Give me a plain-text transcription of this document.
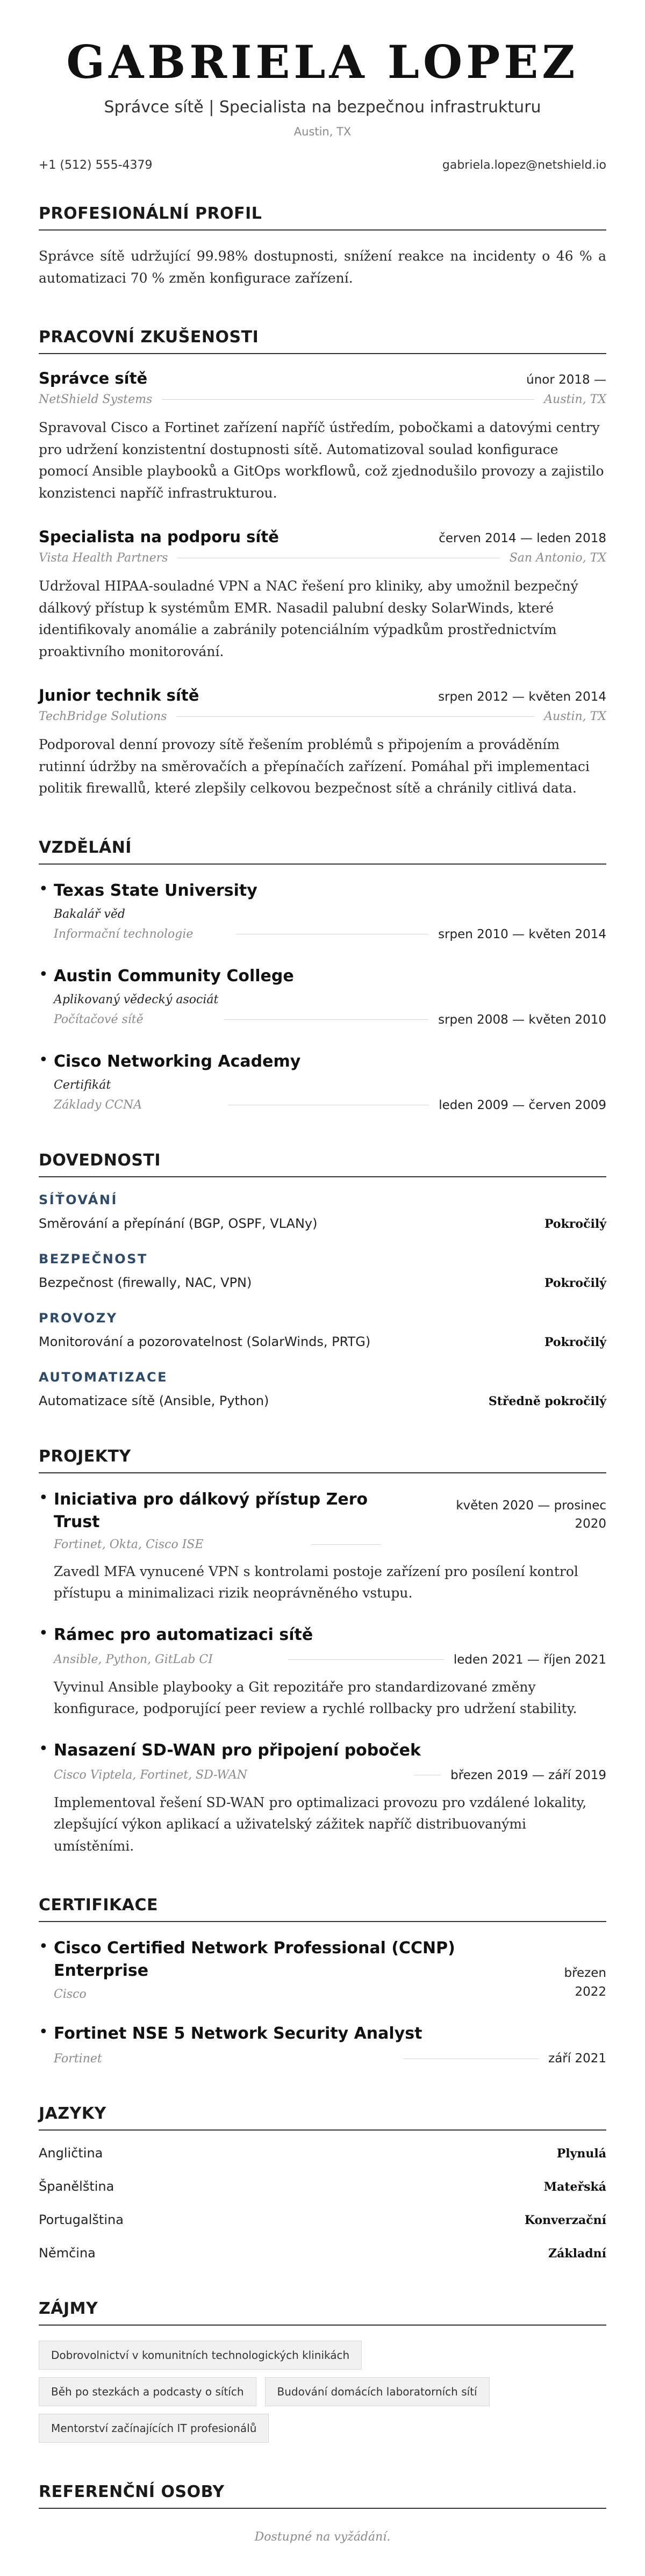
GABRIELA LOPEZ
Správce sítě | Specialista na bezpečnou infrastrukturu
Austin, TX
+1 (512) 555-4379	gabriela.lopez@netshield.io
PROFESIONÁLNÍ PROFIL
Správce sítě udržující 99.98% dostupnosti, snížení reakce na incidenty o 46 % a automatizaci 70 % změn konfigurace zařízení.
PRACOVNÍ ZKUŠENOSTI
Správce sítě	únor 2018 —
NetShield Systems	Austin, TX
Spravoval Cisco a Fortinet zařízení napříč ústředím, pobočkami a datovými centry pro udržení konzistentní dostupnosti sítě. Automatizoval soulad konfigurace pomocí Ansible playbooků a GitOps workflowů, což zjednodušilo provozy a zajistilo konzistenci napříč infrastrukturou.
Specialista na podporu sítě	červen 2014 — leden 2018
Vista Health Partners	San Antonio, TX
Udržoval HIPAA-souladné VPN a NAC řešení pro kliniky, aby umožnil bezpečný dálkový přístup k systémům EMR. Nasadil palubní desky SolarWinds, které identifikovaly anomálie a zabránily potenciálním výpadkům prostřednictvím proaktivního monitorování.
Junior technik sítě	srpen 2012 — květen 2014
TechBridge Solutions	Austin, TX
Podporoval denní provozy sítě řešením problémů s připojením a prováděním rutinní údržby na směrovačích a přepínačích zařízení. Pomáhal při implementaci politik firewallů, které zlepšily celkovou bezpečnost sítě a chránily citlivá data.
VZDĚLÁNÍ
• Texas State University
Bakalář věd
Informační technologie	srpen 2010 — květen 2014
• Austin Community College
Aplikovaný vědecký asociát
Počítačové sítě	srpen 2008 — květen 2010
• Cisco Networking Academy
Certifikát
Základy CCNA	leden 2009 — červen 2009
DOVEDNOSTI
SÍŤOVÁNÍ
Směrování a přepínání (BGP, OSPF, VLANy)	Pokročilý
BEZPEČNOST
Bezpečnost (firewally, NAC, VPN)	Pokročilý
PROVOZY
Monitorování a pozorovatelnost (SolarWinds, PRTG)	Pokročilý
AUTOMATIZACE
Automatizace sítě (Ansible, Python)	Středně pokročilý
PROJEKTY
• Iniciativa pro dálkový přístup Zero Trust
květen 2020 — prosinec
2020
Fortinet, Okta, Cisco ISE
Zavedl MFA vynucené VPN s kontrolami postoje zařízení pro posílení kontrol přístupu a minimalizaci rizik neoprávněného vstupu.
• Rámec pro automatizaci sítě
Ansible, Python, GitLab CI	leden 2021 — říjen 2021
Vyvinul Ansible playbooky a Git repozitáře pro standardizované změny konfigurace, podporující peer review a rychlé rollbacky pro udržení stability.
• Nasazení SD-WAN pro připojení poboček
Cisco Viptela, Fortinet, SD-WAN	březen 2019 — září 2019
Implementoval řešení SD-WAN pro optimalizaci provozu pro vzdálené lokality, zlepšující výkon aplikací a uživatelský zážitek napříč distribuovanými umístěními.
CERTIFIKACE
• Cisco Certified Network Professional (CCNP) Enterprise
Cisco
březen
2022
• Fortinet NSE 5 Network Security Analyst
Fortinet	září 2021
JAZYKY
Angličtina	Plynulá
Španělština	Mateřská
Portugalština	Konverzační
Němčina	Základní
ZÁJMY
Dobrovolnictví v komunitních technologických klinikách
Běh po stezkách a podcasty o sítích	Budování domácích laboratorních sítí
Mentorství začínajících IT profesionálů
REFERENČNÍ OSOBY
Dostupné na vyžádání.
